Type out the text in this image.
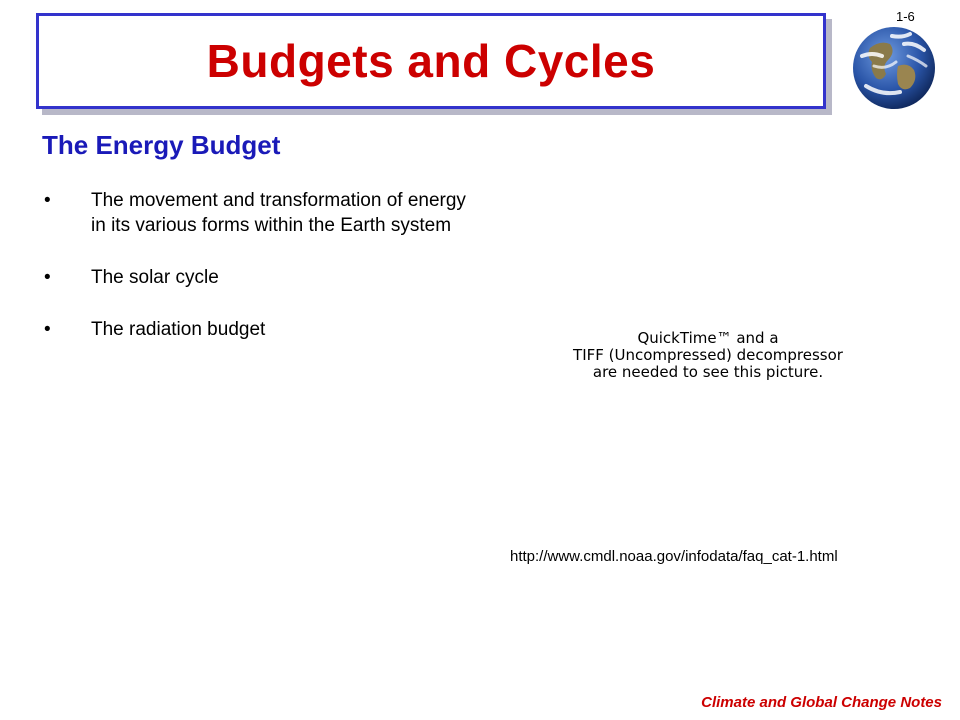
Budgets and Cycles
1-6
The Energy Budget
•	The movement and transformation of energy in its various forms within the Earth system
•	The solar cycle
•	The radiation budget	QuickTime™ and a
TIFF (Uncompressed) decompressor
are needed to see this picture.
http://www.cmdl.noaa.gov/infodata/faq_cat-1.html
Climate and Global Change Notes
